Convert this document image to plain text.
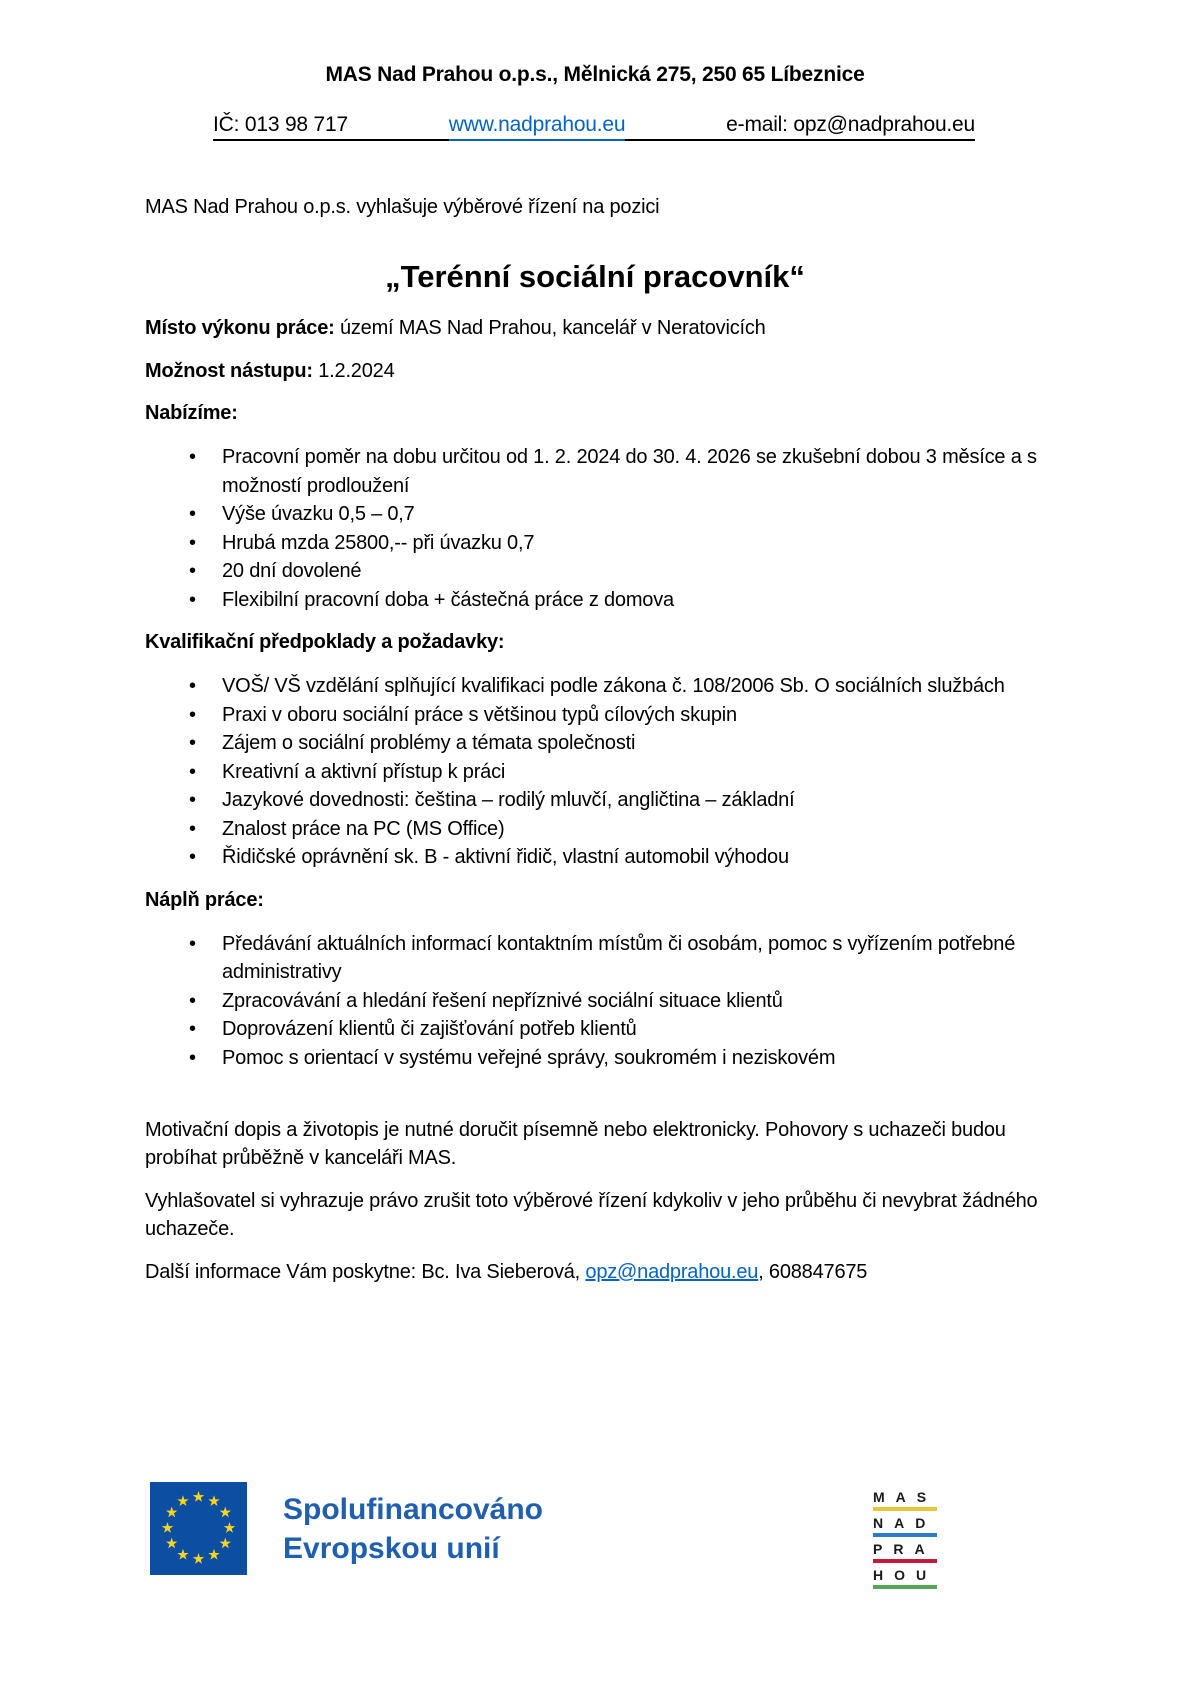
MAS Nad Prahou o.p.s., Mělnická 275, 250 65 Líbeznice
IČ: 013 98 717	www.nadprahou.eu	e-mail: opz@nadprahou.eu

MAS Nad Prahou o.p.s. vyhlašuje výběrové řízení na pozici

„Terénní sociální pracovník“

Místo výkonu práce: území MAS Nad Prahou, kancelář v Neratovicích

Možnost nástupu: 1.2.2024

Nabízíme:
• Pracovní poměr na dobu určitou od 1. 2. 2024 do 30. 4. 2026 se zkušební dobou 3 měsíce a s možností prodloužení
• Výše úvazku 0,5 – 0,7
• Hrubá mzda 25800,-- při úvazku 0,7
• 20 dní dovolené
• Flexibilní pracovní doba + částečná práce z domova
Kvalifikační předpoklady a požadavky:
• VOŠ/ VŠ vzdělání splňující kvalifikaci podle zákona č. 108/2006 Sb. O sociálních službách
• Praxi v oboru sociální práce s většinou typů cílových skupin
• Zájem o sociální problémy a témata společnosti
• Kreativní a aktivní přístup k práci
• Jazykové dovednosti: čeština – rodilý mluvčí, angličtina – základní
• Znalost práce na PC (MS Office)
• Řidičské oprávnění sk. B - aktivní řidič, vlastní automobil výhodou
Náplň práce:
• Předávání aktuálních informací kontaktním místům či osobám, pomoc s vyřízením potřebné administrativy
• Zpracovávání a hledání řešení nepříznivé sociální situace klientů
• Doprovázení klientů či zajišťování potřeb klientů
• Pomoc s orientací v systému veřejné správy, soukromém i neziskovém

Motivační dopis a životopis je nutné doručit písemně nebo elektronicky. Pohovory s uchazeči budou probíhat průběžně v kanceláři MAS.

Vyhlašovatel si vyhrazuje právo zrušit toto výběrové řízení kdykoliv v jeho průběhu či nevybrat žádného uchazeče.

Další informace Vám poskytne: Bc. Iva Sieberová, opz@nadprahou.eu, 608847675

Spolufinancováno
Evropskou unií
MAS
NAD
PRA
HOU
